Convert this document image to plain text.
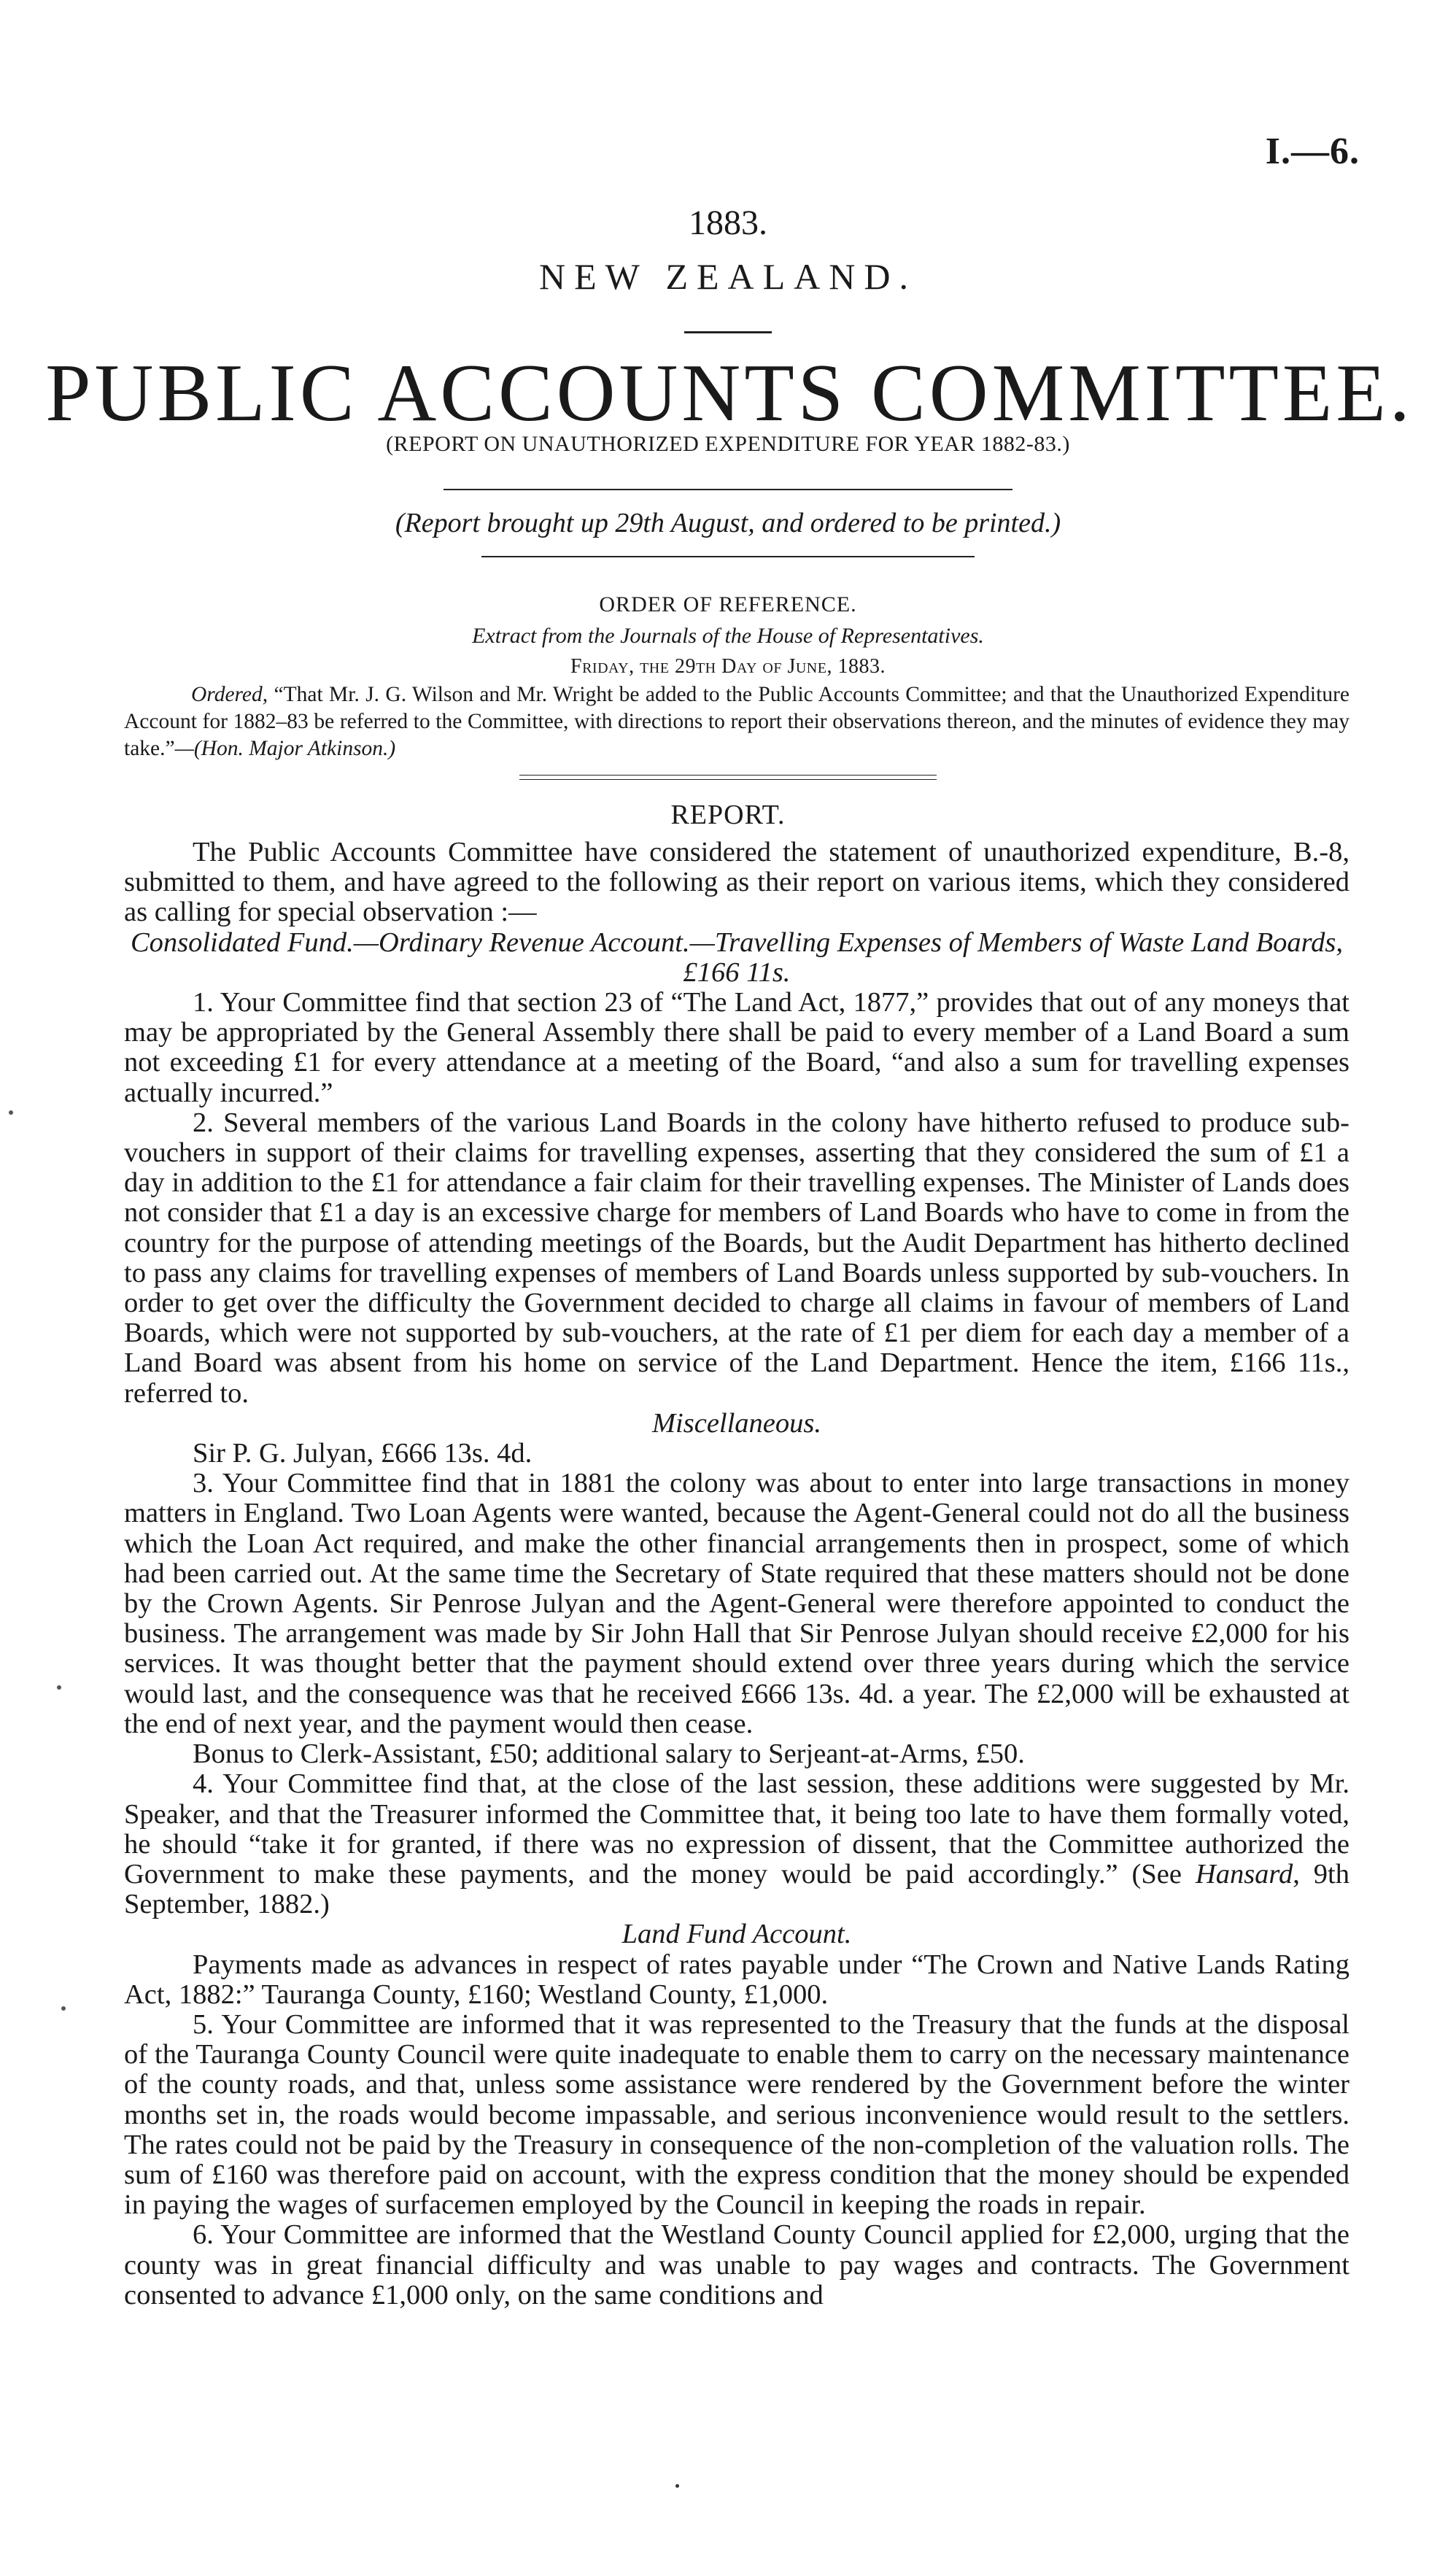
I.—6.
1883.
NEW ZEALAND.
PUBLIC ACCOUNTS COMMITTEE.
(REPORT ON UNAUTHORIZED EXPENDITURE FOR YEAR 1882-83.)
(Report brought up 29th August, and ordered to be printed.)
ORDER OF REFERENCE.
Extract from the Journals of the House of Representatives.
Friday, the 29th Day of June, 1883.
Ordered, “That Mr. J. G. Wilson and Mr. Wright be added to the Public Accounts Committee; and that the Unauthorized Expenditure Account for 1882–83 be referred to the Committee, with directions to report their observations thereon, and the minutes of evidence they may take.”—(Hon. Major Atkinson.)
REPORT.

The Public Accounts Committee have considered the statement of unauthorized expenditure, B.-8, submitted to them, and have agreed to the following as their report on various items, which they considered as calling for special observation :—

Consolidated Fund.—Ordinary Revenue Account.—Travelling Expenses of Members of Waste Land Boards, £166 11s.

1. Your Committee find that section 23 of “The Land Act, 1877,” provides that out of any moneys that may be appropriated by the General Assembly there shall be paid to every member of a Land Board a sum not exceeding £1 for every attendance at a meeting of the Board, “and also a sum for travelling expenses actually incurred.”

2. Several members of the various Land Boards in the colony have hitherto refused to produce sub-vouchers in support of their claims for travelling expenses, asserting that they considered the sum of £1 a day in addition to the £1 for attendance a fair claim for their travelling expenses. The Minister of Lands does not consider that £1 a day is an excessive charge for members of Land Boards who have to come in from the country for the purpose of attending meetings of the Boards, but the Audit Department has hitherto declined to pass any claims for travelling expenses of members of Land Boards unless supported by sub-vouchers. In order to get over the difficulty the Government decided to charge all claims in favour of members of Land Boards, which were not supported by sub-vouchers, at the rate of £1 per diem for each day a member of a Land Board was absent from his home on service of the Land Department. Hence the item, £166 11s., referred to.

Miscellaneous.

Sir P. G. Julyan, £666 13s. 4d.

3. Your Committee find that in 1881 the colony was about to enter into large transactions in money matters in England. Two Loan Agents were wanted, because the Agent-General could not do all the business which the Loan Act required, and make the other financial arrangements then in prospect, some of which had been carried out. At the same time the Secretary of State required that these matters should not be done by the Crown Agents. Sir Penrose Julyan and the Agent-General were therefore appointed to conduct the business. The arrangement was made by Sir John Hall that Sir Penrose Julyan should receive £2,000 for his services. It was thought better that the payment should extend over three years during which the service would last, and the consequence was that he received £666 13s. 4d. a year. The £2,000 will be exhausted at the end of next year, and the payment would then cease.

Bonus to Clerk-Assistant, £50; additional salary to Serjeant-at-Arms, £50.

4. Your Committee find that, at the close of the last session, these additions were suggested by Mr. Speaker, and that the Treasurer informed the Committee that, it being too late to have them formally voted, he should “take it for granted, if there was no expression of dissent, that the Committee authorized the Government to make these payments, and the money would be paid accordingly.” (See Hansard, 9th September, 1882.)

Land Fund Account.

Payments made as advances in respect of rates payable under “The Crown and Native Lands Rating Act, 1882:” Tauranga County, £160; Westland County, £1,000.

5. Your Committee are informed that it was represented to the Treasury that the funds at the disposal of the Tauranga County Council were quite inadequate to enable them to carry on the necessary maintenance of the county roads, and that, unless some assistance were rendered by the Government before the winter months set in, the roads would become impassable, and serious inconvenience would result to the settlers. The rates could not be paid by the Treasury in consequence of the non-completion of the valuation rolls. The sum of £160 was therefore paid on account, with the express condition that the money should be expended in paying the wages of surfacemen employed by the Council in keeping the roads in repair.

6. Your Committee are informed that the Westland County Council applied for £2,000, urging that the county was in great financial difficulty and was unable to pay wages and contracts. The Government consented to advance £1,000 only, on the same conditions and
